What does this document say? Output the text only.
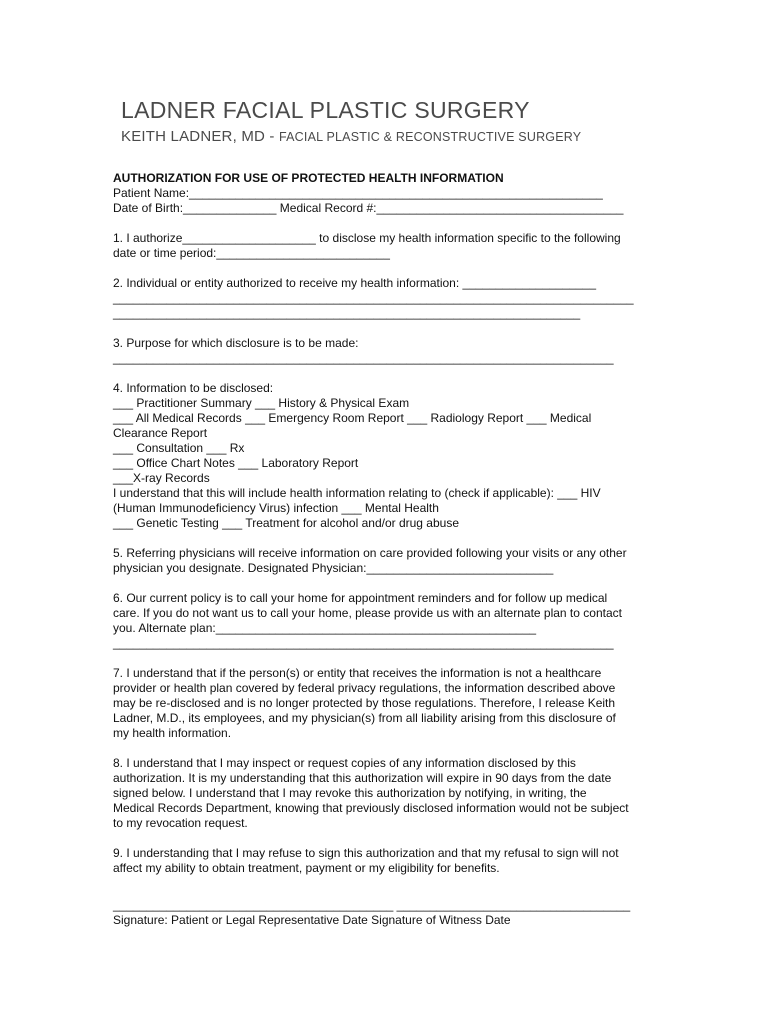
LADNER FACIAL PLASTIC SURGERY
KEITH LADNER, MD - FACIAL PLASTIC & RECONSTRUCTIVE SURGERY

AUTHORIZATION FOR USE OF PROTECTED HEALTH INFORMATION

Patient Name:______________________________________________________________

Date of Birth:______________ Medical Record #:_____________________________________

1. I authorize____________________ to disclose my health information specific to the following
date or time period:__________________________
2. Individual or entity authorized to receive my health information: ____________________
______________________________________________________________________________
______________________________________________________________________
3. Purpose for which disclosure is to be made:
___________________________________________________________________________
4. Information to be disclosed:
___ Practitioner Summary ___ History & Physical Exam
___ All Medical Records ___ Emergency Room Report ___ Radiology Report ___ Medical
Clearance Report
___ Consultation ___ Rx
___ Office Chart Notes ___ Laboratory Report
___X-ray Records
I understand that this will include health information relating to (check if applicable): ___ HIV
(Human Immunodeficiency Virus) infection ___ Mental Health
___ Genetic Testing ___ Treatment for alcohol and/or drug abuse
5. Referring physicians will receive information on care provided following your visits or any other
physician you designate. Designated Physician:____________________________
6. Our current policy is to call your home for appointment reminders and for follow up medical
care. If you do not want us to call your home, please provide us with an alternate plan to contact
you. Alternate plan:________________________________________________
___________________________________________________________________________
7. I understand that if the person(s) or entity that receives the information is not a healthcare
provider or health plan covered by federal privacy regulations, the information described above
may be re-disclosed and is no longer protected by those regulations. Therefore, I release Keith
Ladner, M.D., its employees, and my physician(s) from all liability arising from this disclosure of
my health information.
8. I understand that I may inspect or request copies of any information disclosed by this
authorization. It is my understanding that this authorization will expire in 90 days from the date
signed below. I understand that I may revoke this authorization by notifying, in writing, the
Medical Records Department, knowing that previously disclosed information would not be subject
to my revocation request.
9. I understanding that I may refuse to sign this authorization and that my refusal to sign will not
affect my ability to obtain treatment, payment or my eligibility for benefits.
__________________________________________ ___________________________________
Signature: Patient or Legal Representative Date Signature of Witness Date
